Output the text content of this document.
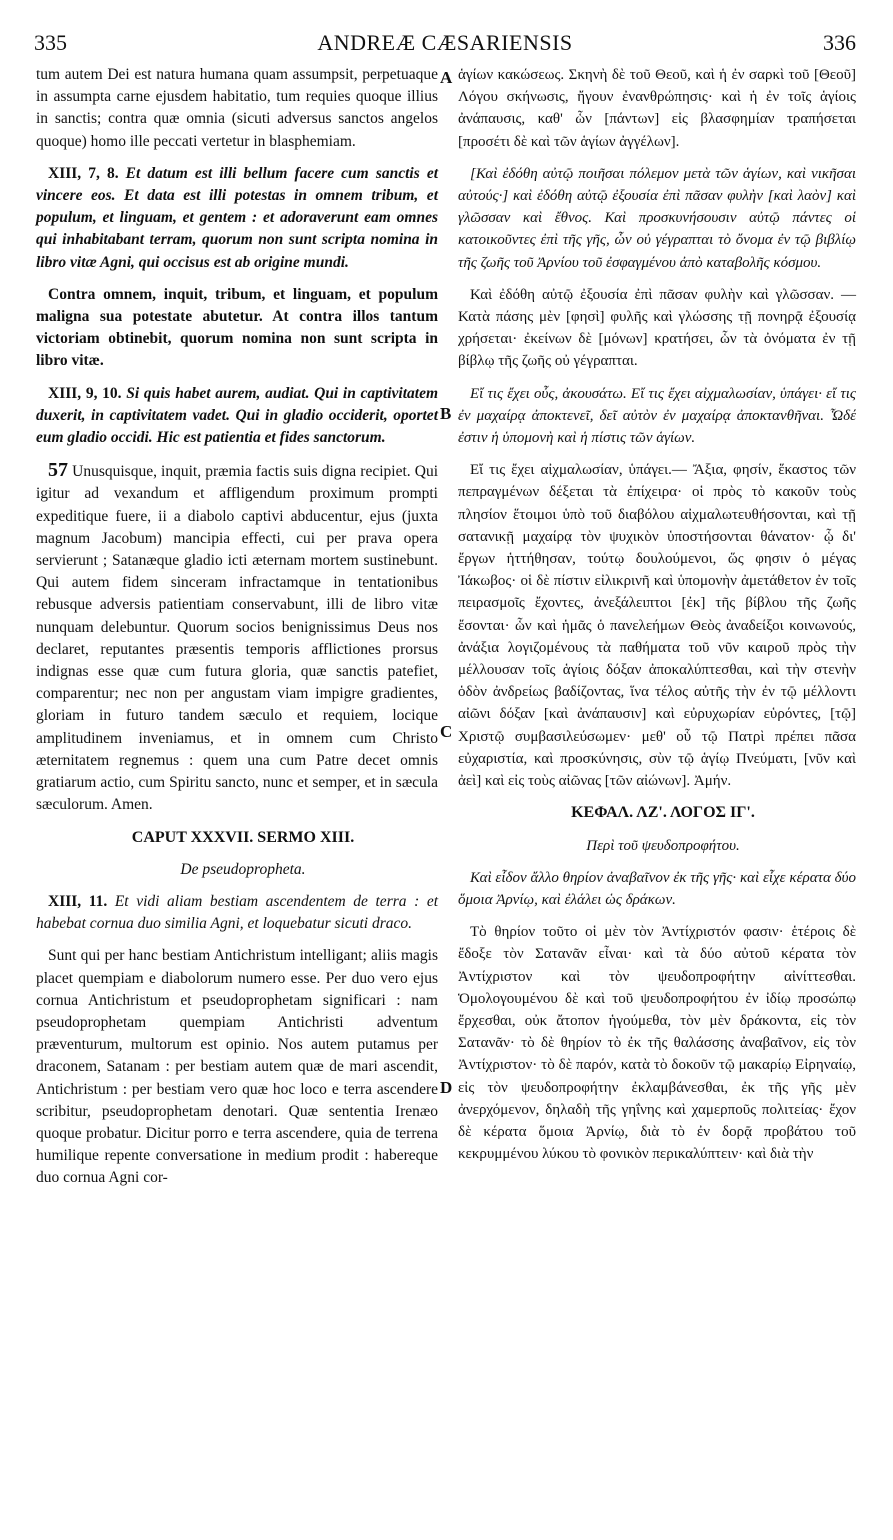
335	ANDREÆ CÆSARIENSIS	336
A
B
C
D

tum autem Dei est natura humana quam assumpsit, perpetuaque in assumpta carne ejusdem habitatio, tum requies quoque illius in sanctis; contra quæ omnia (sicuti adversus sanctos angelos quoque) homo ille peccati vertetur in blasphemiam.

XIII, 7, 8. Et datum est illi bellum facere cum sanctis et vincere eos. Et data est illi potestas in omnem tribum, et populum, et linguam, et gentem : et adoraverunt eam omnes qui inhabitabant terram, quorum non sunt scripta nomina in libro vitæ Agni, qui occisus est ab origine mundi.

Contra omnem, inquit, tribum, et linguam, et populum maligna sua potestate abutetur. At contra illos tantum victoriam obtinebit, quorum nomina non sunt scripta in libro vitæ.

XIII, 9, 10. Si quis habet aurem, audiat. Qui in captivitatem duxerit, in captivitatem vadet. Qui in gladio occiderit, oportet eum gladio occidi. Hic est patientia et fides sanctorum.

57 Unusquisque, inquit, præmia factis suis digna recipiet. Qui igitur ad vexandum et affligendum proximum prompti expeditique fuere, ii a diabolo captivi abducentur, ejus (juxta magnum Jacobum) mancipia effecti, cui per prava opera servierunt ; Satanæque gladio icti æternam mortem sustinebunt. Qui autem fidem sinceram infractamque in tentationibus rebusque adversis patientiam conservabunt, illi de libro vitæ nunquam delebuntur. Quorum socios benignissimus Deus nos declaret, reputantes præsentis temporis afflictiones prorsus indignas esse quæ cum futura gloria, quæ sanctis patefiet, comparentur; nec non per angustam viam impigre gradientes, gloriam in futuro tandem sæculo et requiem, locique amplitudinem inveniamus, et in omnem cum Christo æternitatem regnemus : quem una cum Patre decet omnis gratiarum actio, cum Spiritu sancto, nunc et semper, et in sæcula sæculorum. Amen.

CAPUT XXXVII. SERMO XIII.

De pseudopropheta.

XIII, 11. Et vidi aliam bestiam ascendentem de terra : et habebat cornua duo similia Agni, et loquebatur sicuti draco.

Sunt qui per hanc bestiam Antichristum intelligant; aliis magis placet quempiam e diabolorum numero esse. Per duo vero ejus cornua Antichristum et pseudoprophetam significari : nam pseudoprophetam quempiam Antichristi adventum præventurum, multorum est opinio. Nos autem putamus per draconem, Satanam : per bestiam autem quæ de mari ascendit, Antichristum : per bestiam vero quæ hoc loco e terra ascendere scribitur, pseudoprophetam denotari. Quæ sententia Irenæo quoque probatur. Dicitur porro e terra ascendere, quia de terrena humilique repente conversatione in medium prodit : habereque duo cornua Agni cor-

ἁγίων κακώσεως. Σκηνὴ δὲ τοῦ Θεοῦ, καὶ ἡ ἐν σαρκὶ τοῦ [Θεοῦ] Λόγου σκήνωσις, ἤγουν ἐνανθρώπησις· καὶ ἡ ἐν τοῖς ἁγίοις ἀνάπαυσις, καθ' ὧν [πάντων] εἰς βλασφημίαν τραπήσεται [προσέτι δὲ καὶ τῶν ἁγίων ἀγγέλων].

[Καὶ ἐδόθη αὐτῷ ποιῆσαι πόλεμον μετὰ τῶν ἁγίων, καὶ νικῆσαι αὐτούς·] καὶ ἐδόθη αὐτῷ ἐξουσία ἐπὶ πᾶσαν φυλὴν [καὶ λαὸν] καὶ γλῶσσαν καὶ ἔθνος. Καὶ προσκυνήσουσιν αὐτῷ πάντες οἱ κατοικοῦντες ἐπὶ τῆς γῆς, ὧν οὐ γέγραπται τὸ ὄνομα ἐν τῷ βιβλίῳ τῆς ζωῆς τοῦ Ἀρνίου τοῦ ἐσφαγμένου ἀπὸ καταβολῆς κόσμου.

Καὶ ἐδόθη αὐτῷ ἐξουσία ἐπὶ πᾶσαν φυλὴν καὶ γλῶσσαν. — Κατὰ πάσης μὲν [φησὶ] φυλῆς καὶ γλώσσης τῇ πονηρᾷ ἐξουσίᾳ χρήσεται· ἐκείνων δὲ [μόνων] κρατήσει, ὧν τὰ ὀνόματα ἐν τῇ βίβλῳ τῆς ζωῆς οὐ γέγραπται.

Εἴ τις ἔχει οὖς, ἀκουσάτω. Εἴ τις ἔχει αἰχμαλωσίαν, ὑπάγει· εἴ τις ἐν μαχαίρᾳ ἀποκτενεῖ, δεῖ αὐτὸν ἐν μαχαίρᾳ ἀποκτανθῆναι. Ὧδέ ἐστιν ἡ ὑπομονὴ καὶ ἡ πίστις τῶν ἁγίων.

Εἴ τις ἔχει αἰχμαλωσίαν, ὑπάγει.— Ἄξια, φησίν, ἕκαστος τῶν πεπραγμένων δέξεται τὰ ἐπίχειρα· οἱ πρὸς τὸ κακοῦν τοὺς πλησίον ἕτοιμοι ὑπὸ τοῦ διαβόλου αἰχμαλωτευθήσονται, καὶ τῇ σατανικῇ μαχαίρᾳ τὸν ψυχικὸν ὑποστήσονται θάνατον· ᾧ δι' ἔργων ἡττήθησαν, τούτῳ δουλούμενοι, ὥς φησιν ὁ μέγας Ἰάκωβος· οἱ δὲ πίστιν εἰλικρινῆ καὶ ὑπομονὴν ἀμετάθετον ἐν τοῖς πειρασμοῖς ἔχοντες, ἀνεξάλειπτοι [ἐκ] τῆς βίβλου τῆς ζωῆς ἔσονται· ὧν καὶ ἡμᾶς ὁ πανελεήμων Θεὸς ἀναδείξοι κοινωνούς, ἀνάξια λογιζομένους τὰ παθήματα τοῦ νῦν καιροῦ πρὸς τὴν μέλλουσαν τοῖς ἁγίοις δόξαν ἀποκαλύπτεσθαι, καὶ τὴν στενὴν ὁδὸν ἀνδρείως βαδίζοντας, ἵνα τέλος αὐτῆς τὴν ἐν τῷ μέλλοντι αἰῶνι δόξαν [καὶ ἀνάπαυσιν] καὶ εὐρυχωρίαν εὑρόντες, [τῷ] Χριστῷ συμβασιλεύσωμεν· μεθ' οὗ τῷ Πατρὶ πρέπει πᾶσα εὐχαριστία, καὶ προσκύνησις, σὺν τῷ ἁγίῳ Πνεύματι, [νῦν καὶ ἀεὶ] καὶ εἰς τοὺς αἰῶνας [τῶν αἰώνων]. Ἀμήν.

ΚΕΦΑΛ. ΛΖ'. ΛΟΓΟΣ ΙΓ'.

Περὶ τοῦ ψευδοπροφήτου.

Καὶ εἶδον ἄλλο θηρίον ἀναβαῖνον ἐκ τῆς γῆς· καὶ εἶχε κέρατα δύο ὅμοια Ἀρνίῳ, καὶ ἐλάλει ὡς δράκων.

Τὸ θηρίον τοῦτο οἱ μὲν τὸν Ἀντίχριστόν φασιν· ἑτέροις δὲ ἔδοξε τὸν Σατανᾶν εἶναι· καὶ τὰ δύο αὐτοῦ κέρατα τὸν Ἀντίχριστον καὶ τὸν ψευδοπροφήτην αἰνίττεσθαι. Ὁμολογουμένου δὲ καὶ τοῦ ψευδοπροφήτου ἐν ἰδίῳ προσώπῳ ἔρχεσθαι, οὐκ ἄτοπον ἡγούμεθα, τὸν μὲν δράκοντα, εἰς τὸν Σατανᾶν· τὸ δὲ θηρίον τὸ ἐκ τῆς θαλάσσης ἀναβαῖνον, εἰς τὸν Ἀντίχριστον· τὸ δὲ παρόν, κατὰ τὸ δοκοῦν τῷ μακαρίῳ Εἰρηναίῳ, εἰς τὸν ψευδοπροφήτην ἐκλαμβάνεσθαι, ἐκ τῆς γῆς μὲν ἀνερχόμενον, δηλαδὴ τῆς γηΐνης καὶ χαμερποῦς πολιτείας· ἔχον δὲ κέρατα ὅμοια Ἀρνίῳ, διὰ τὸ ἐν δορᾷ προβάτου τοῦ κεκρυμμένου λύκου τὸ φονικὸν περικαλύπτειν· καὶ διὰ τὴν
